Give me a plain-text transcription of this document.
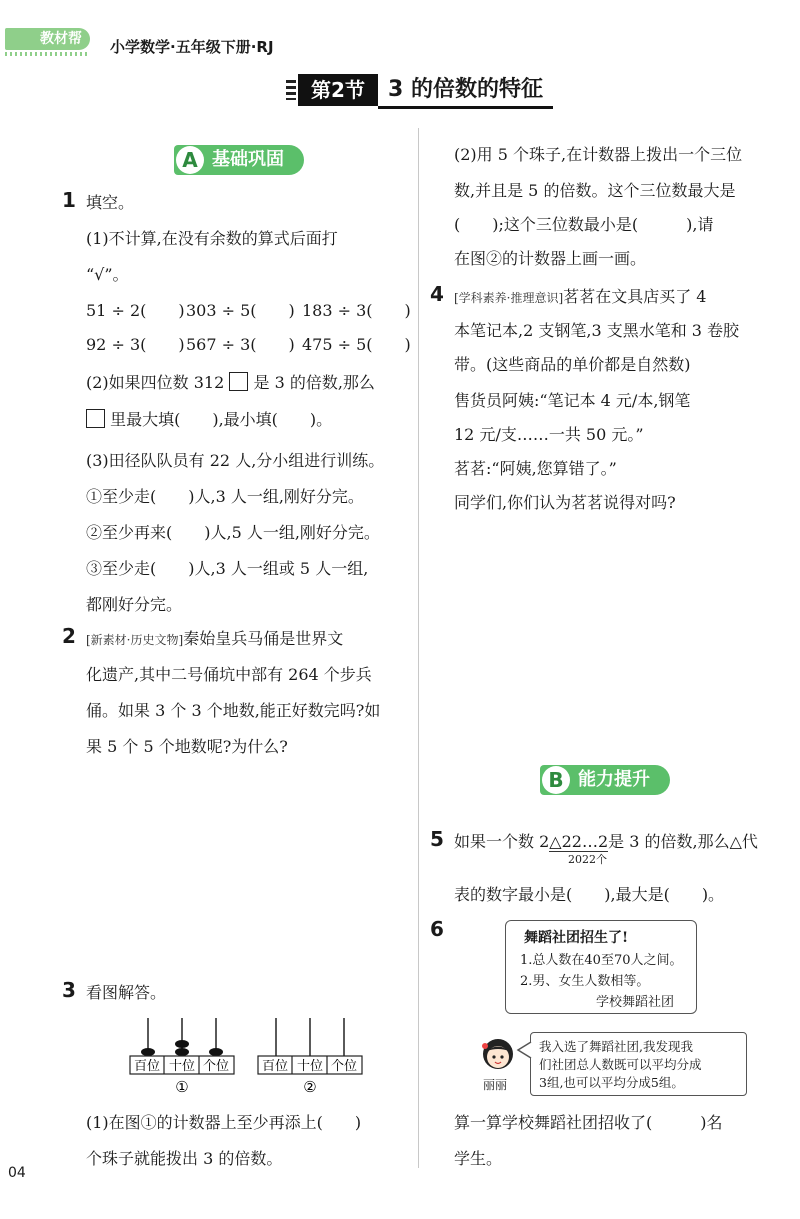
教材帮	小学数学·五年级下册·RJ
第2节	3 的倍数的特征
A 基础巩固
1 填空。
(1)不计算,在没有余数的算式后面打
“√”。
51 ÷ 2(　　) 303 ÷ 5(　　) 183 ÷ 3(　　)
92 ÷ 3(　　) 567 ÷ 3(　　) 475 ÷ 5(　　)
(2)如果四位数 312 是 3 的倍数,那么
里最大填(　　),最小填(　　)。
(3)田径队队员有 22 人,分小组进行训练。
①至少走(　　)人,3 人一组,刚好分完。
②至少再来(　　)人,5 人一组,刚好分完。
③至少走(　　)人,3 人一组或 5 人一组,
都刚好分完。
2 [新素材·历史文物]秦始皇兵马俑是世界文
化遗产,其中二号俑坑中部有 264 个步兵
俑。如果 3 个 3 个地数,能正好数完吗?如
果 5 个 5 个地数呢?为什么?
3 看图解答。
百位 十位 个位
①
百位 十位 个位
②
(1)在图①的计数器上至少再添上(　　)
个珠子就能拨出 3 的倍数。
(2)用 5 个珠子,在计数器上拨出一个三位
数,并且是 5 的倍数。这个三位数最大是
(　　);这个三位数最小是(　　　),请
在图②的计数器上画一画。
4 [学科素养·推理意识]茗茗在文具店买了 4
本笔记本,2 支钢笔,3 支黑水笔和 3 卷胶
带。(这些商品的单价都是自然数)
售货员阿姨:“笔记本 4 元/本,钢笔
12 元/支……一共 50 元。”
茗茗:“阿姨,您算错了。”
同学们,你们认为茗茗说得对吗?
B 能力提升
5 如果一个数 2△22…2是 3 的倍数,那么△代
2022个
表的数字最小是(　　),最大是(　　)。
6	舞蹈社团招生了!
1.总人数在40至70人之间。
2.男、女生人数相等。
学校舞蹈社团
丽丽
我入选了舞蹈社团,我发现我
们社团总人数既可以平均分成
3组,也可以平均分成5组。
算一算学校舞蹈社团招收了(　　　)名
学生。
04
